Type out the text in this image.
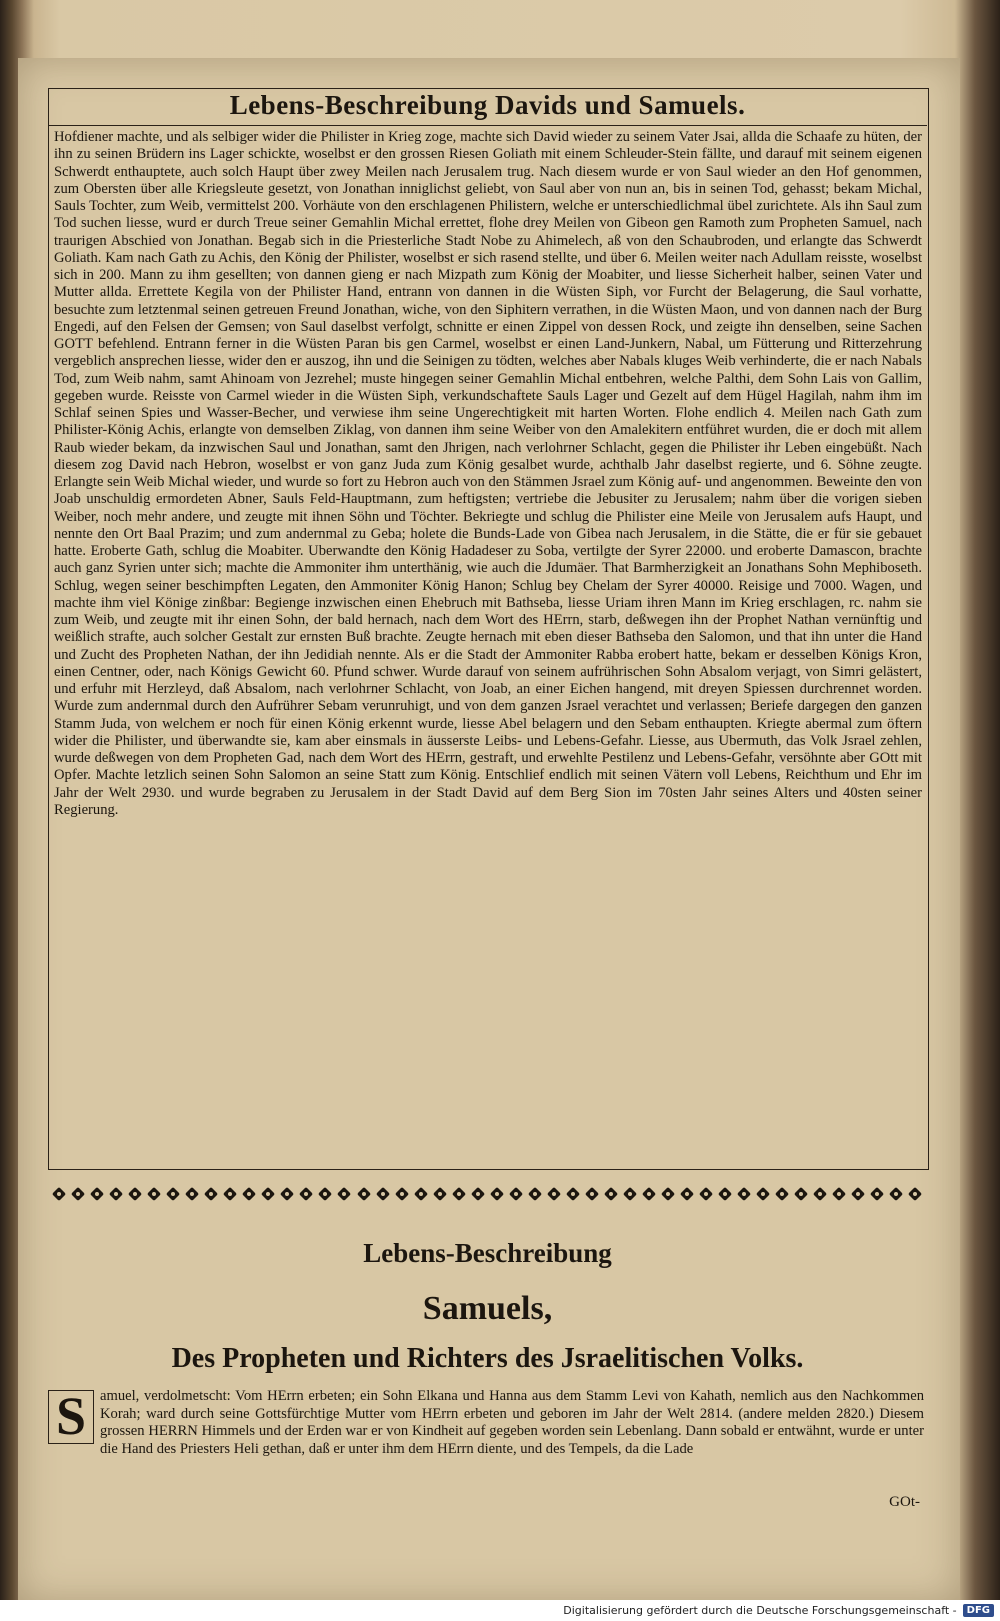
Lebens-Beschreibung Davids und Samuels.

Hofdiener machte, und als selbiger wider die Philister in Krieg zoge, machte sich David wieder zu seinem Vater Jsai, allda die Schaafe zu hüten, der ihn zu seinen Brüdern ins Lager schickte, woselbst er den grossen Riesen Goliath mit einem Schleuder-Stein fällte, und darauf mit seinem eigenen Schwerdt enthauptete, auch solch Haupt über zwey Meilen nach Jerusalem trug. Nach diesem wurde er von Saul wieder an den Hof genommen, zum Obersten über alle Kriegsleute gesetzt, von Jonathan inniglichst geliebt, von Saul aber von nun an, bis in seinen Tod, gehasst; bekam Michal, Sauls Tochter, zum Weib, vermittelst 200. Vorhäute von den erschlagenen Philistern, welche er unterschiedlichmal übel zurichtete. Als ihn Saul zum Tod suchen liesse, wurd er durch Treue seiner Gemahlin Michal errettet, flohe drey Meilen von Gibeon gen Ramoth zum Propheten Samuel, nach traurigen Abschied von Jonathan. Begab sich in die Priesterliche Stadt Nobe zu Ahimelech, aß von den Schaubroden, und erlangte das Schwerdt Goliath. Kam nach Gath zu Achis, den König der Philister, woselbst er sich rasend stellte, und über 6. Meilen weiter nach Adullam reisste, woselbst sich in 200. Mann zu ihm gesellten; von dannen gieng er nach Mizpath zum König der Moabiter, und liesse Sicherheit halber, seinen Vater und Mutter allda. Errettete Kegila von der Philister Hand, entrann von dannen in die Wüsten Siph, vor Furcht der Belagerung, die Saul vorhatte, besuchte zum letztenmal seinen getreuen Freund Jonathan, wiche, von den Siphitern verrathen, in die Wüsten Maon, und von dannen nach der Burg Engedi, auf den Felsen der Gemsen; von Saul daselbst verfolgt, schnitte er einen Zippel von dessen Rock, und zeigte ihn denselben, seine Sachen GOTT befehlend. Entrann ferner in die Wüsten Paran bis gen Carmel, woselbst er einen Land-Junkern, Nabal, um Fütterung und Ritterzehrung vergeblich ansprechen liesse, wider den er auszog, ihn und die Seinigen zu tödten, welches aber Nabals kluges Weib verhinderte, die er nach Nabals Tod, zum Weib nahm, samt Ahinoam von Jezrehel; muste hingegen seiner Gemahlin Michal entbehren, welche Palthi, dem Sohn Lais von Gallim, gegeben wurde. Reisste von Carmel wieder in die Wüsten Siph, verkundschaftete Sauls Lager und Gezelt auf dem Hügel Hagilah, nahm ihm im Schlaf seinen Spies und Wasser-Becher, und verwiese ihm seine Ungerechtigkeit mit harten Worten. Flohe endlich 4. Meilen nach Gath zum Philister-König Achis, erlangte von demselben Ziklag, von dannen ihm seine Weiber von den Amalekitern entführet wurden, die er doch mit allem Raub wieder bekam, da inzwischen Saul und Jonathan, samt den Jhrigen, nach verlohrner Schlacht, gegen die Philister ihr Leben eingebüßt. Nach diesem zog David nach Hebron, woselbst er von ganz Juda zum König gesalbet wurde, achthalb Jahr daselbst regierte, und 6. Söhne zeugte. Erlangte sein Weib Michal wieder, und wurde so fort zu Hebron auch von den Stämmen Jsrael zum König auf- und angenommen. Beweinte den von Joab unschuldig ermordeten Abner, Sauls Feld-Hauptmann, zum heftigsten; vertriebe die Jebusiter zu Jerusalem; nahm über die vorigen sieben Weiber, noch mehr andere, und zeugte mit ihnen Söhn und Töchter. Bekriegte und schlug die Philister eine Meile von Jerusalem aufs Haupt, und nennte den Ort Baal Prazim; und zum andernmal zu Geba; holete die Bunds-Lade von Gibea nach Jerusalem, in die Stätte, die er für sie gebauet hatte. Eroberte Gath, schlug die Moabiter. Uberwandte den König Hadadeser zu Soba, vertilgte der Syrer 22000. und eroberte Damascon, brachte auch ganz Syrien unter sich; machte die Ammoniter ihm unterthänig, wie auch die Jdumäer. That Barmherzigkeit an Jonathans Sohn Mephiboseth. Schlug, wegen seiner beschimpften Legaten, den Ammoniter König Hanon; Schlug bey Chelam der Syrer 40000. Reisige und 7000. Wagen, und machte ihm viel Könige zinßbar: Begienge inzwischen einen Ehebruch mit Bathseba, liesse Uriam ihren Mann im Krieg erschlagen, rc. nahm sie zum Weib, und zeugte mit ihr einen Sohn, der bald hernach, nach dem Wort des HErrn, starb, deßwegen ihn der Prophet Nathan vernünftig und weißlich strafte, auch solcher Gestalt zur ernsten Buß brachte. Zeugte hernach mit eben dieser Bathseba den Salomon, und that ihn unter die Hand und Zucht des Propheten Nathan, der ihn Jedidiah nennte. Als er die Stadt der Ammoniter Rabba erobert hatte, bekam er desselben Königs Kron, einen Centner, oder, nach Königs Gewicht 60. Pfund schwer. Wurde darauf von seinem aufrührischen Sohn Absalom verjagt, von Simri gelästert, und erfuhr mit Herzleyd, daß Absalom, nach verlohrner Schlacht, von Joab, an einer Eichen hangend, mit dreyen Spiessen durchrennet worden. Wurde zum andernmal durch den Aufrührer Sebam verunruhigt, und von dem ganzen Jsrael verachtet und verlassen; Beriefe dargegen den ganzen Stamm Juda, von welchem er noch für einen König erkennt wurde, liesse Abel belagern und den Sebam enthaupten. Kriegte abermal zum öftern wider die Philister, und überwandte sie, kam aber einsmals in äusserste Leibs- und Lebens-Gefahr. Liesse, aus Ubermuth, das Volk Jsrael zehlen, wurde deßwegen von dem Propheten Gad, nach dem Wort des HErrn, gestraft, und erwehlte Pestilenz und Lebens-Gefahr, versöhnte aber GOtt mit Opfer. Machte letzlich seinen Sohn Salomon an seine Statt zum König. Entschlief endlich mit seinen Vätern voll Lebens, Reichthum und Ehr im Jahr der Welt 2930. und wurde begraben zu Jerusalem in der Stadt David auf dem Berg Sion im 70sten Jahr seines Alters und 40sten seiner Regierung.

Lebens-Beschreibung
Samuels,
Des Propheten und Richters des Jsraelitischen Volks.
S amuel, verdolmetscht: Vom HErrn erbeten; ein Sohn Elkana und Hanna aus dem Stamm Levi von Kahath, nemlich aus den Nachkommen Korah; ward durch seine Gottsfürchtige Mutter vom HErrn erbeten und geboren im Jahr der Welt 2814. (andere melden 2820.) Diesem grossen HERRN Himmels und der Erden war er von Kindheit auf gegeben worden sein Lebenlang. Dann sobald er entwähnt, wurde er unter die Hand des Priesters Heli gethan, daß er unter ihm dem HErrn diente, und des Tempels, da die Lade
GOt-
Digitalisierung gefördert durch die Deutsche Forschungsgemeinschaft -	DFG
